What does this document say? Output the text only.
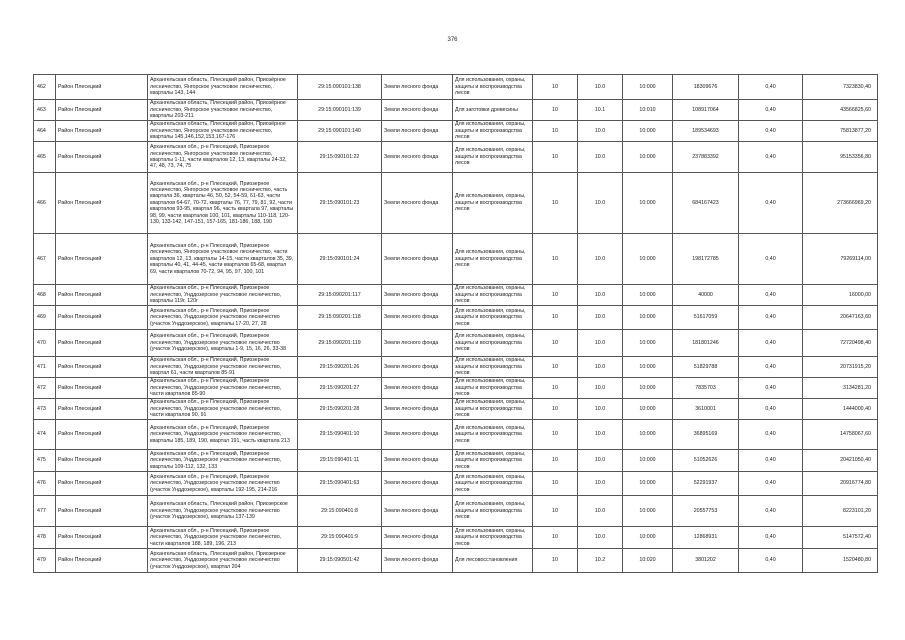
376
462	Район Плесецкий	Архангельская область, Плесецкий район, Приозёрное лесничество, Янгорское участковое лесничество, кварталы 143, 144	29:15:090101:138	Земли лесного фонда	Для использования, охраны, защиты и воспроизводства лесов	10	10.0	10:000	18309676	0,40	7323830,40
463	Район Плесецкий	Архангельская область, Плесецкий район, Приозёрное лесничество, Янгорское участковое лесничество, кварталы 203-211	29:15:090101:139	Земли лесного фонда	Для заготовки древесины	10	10.1	10:010	108917064	0,40	43566825,60
464	Район Плесецкий	Архангельская область, Плесецкий район, Приозёрное лесничество, Янгорское участковое лесничество, кварталы 145,146,152,153,167-176	29:15:090101:140	Земли лесного фонда	Для использования, охраны, защиты и воспроизводства лесов	10	10.0	10:000	189534693	0,40	75813877,20
465	Район Плесецкий	Архангельская обл., р-н Плесецкий, Приозерное лесничество, Янгорское участковое лесничество, кварталы 1-11, части кварталов 12, 13, кварталы 24-32, 47, 48, 73, 74, 75	29:15:090101:22	Земли лесного фонда	Для использования, охраны, защиты и воспроизводства лесов	10	10.0	10:000	237883392	0,40	95153356,80
466	Район Плесецкий	Архангельская обл., р-н Плесецкий, Приозерное лесничество, Янгорское участковое лесничество, часть квартала 36, кварталы 46, 50, 52, 54-59, 61-63, части кварталов 64-67, 70-72, кварталы 76, 77, 79, 81, 92, части кварталов 93-95, квартал 96, часть квартала 97, кварталы 98, 99, части кварталов 100, 101, кварталы 110-118, 120-130, 133-142, 147-151, 157-165, 181-186, 188, 190	29:15:090101:23	Земли лесного фонда	Для использования, охраны, защиты и воспроизводства лесов	10	10.0	10:000	684167423	0,40	273666969,20
467	Район Плесецкий	Архангельская обл., р-н Плесецкий, Приозерное лесничество, Янгорское участковое лесничество, части кварталов 12, 13, кварталы 14-15, части кварталов 35, 39, кварталы 40, 41, 44-45, части кварталов 65-68, квартал 69, части кварталов 70-72, 94, 95, 97, 100, 101	29:15:090101:24	Земли лесного фонда	Для использования, охраны, защиты и воспроизводства лесов	10	10.0	10:000	198172785	0,40	79269114,00
468	Район Плесецкий	Архангельская обл., р-н Плесецкий, Приозерное лесничество, Унддозерское участковое лесничество, кварталы 119г, 120г	29:15:090201:117	Земли лесного фонда	Для использования, охраны, защиты и воспроизводства лесов	10	10.0	10:000	40000	0,40	16000,00
469	Район Плесецкий	Архангельская обл., р-н Плесецкий, Приозерное лесничество, Унддозерское участковое лесничество (участок Унддозерское), кварталы 17-20, 27, 28	29:15:090201:118	Земли лесного фонда	Для использования, охраны, защиты и воспроизводства лесов	10	10.0	10:000	51617059	0,40	20647163,60
470	Район Плесецкий	Архангельская обл., р-н Плесецкий, Приозерное лесничество, Унддозерское участковое лесничество (участок Унддозерское), кварталы 1-9, 15, 16, 26, 33-38	29:15:090201:119	Земли лесного фонда	Для использования, охраны, защиты и воспроизводства лесов	10	10.0	10:000	181801246	0,40	72720498,40
471	Район Плесецкий	Архангельская обл., р-н Плесецкий, Приозерное лесничество, Унддозерское участковое лесничество, квартал 61, части кварталов 85-91	29:15:090201:26	Земли лесного фонда	Для использования, охраны, защиты и воспроизводства лесов	10	10.0	10:000	51829788	0,40	20731915,20
472	Район Плесецкий	Архангельская обл., р-н Плесецкий, Приозерное лесничество, Унддозерское участковое лесничество, части кварталов 85-90	29:15:090201:27	Земли лесного фонда	Для использования, охраны, защиты и воспроизводства лесов	10	10.0	10:000	7835703	0,40	3134281,20
473	Район Плесецкий	Архангельская обл., р-н Плесецкий, Приозерное лесничество, Унддозерское участковое лесничество, части кварталов 90, 91	29:15:090201:28	Земли лесного фонда	Для использования, охраны, защиты и воспроизводства лесов	10	10.0	10:000	3610001	0,40	1444000,40
474	Район Плесецкий	Архангельская обл., р-н Плесецкий, Приозерное лесничество, Унддозерское участковое лесничество, кварталы 185, 189, 190, квартал 191, часть квартала 213	29:15:090401:10	Земли лесного фонда	Для использования, охраны, защиты и воспроизводства лесов	10	10.0	10:000	36895169	0,40	14758067,60
475	Район Плесецкий	Архангельская обл., р-н Плесецкий, Приозерное лесничество, Унддозерское участковое лесничество, кварталы 109-112, 132, 133	29:15:090401:11	Земли лесного фонда	Для использования, охраны, защиты и воспроизводства лесов	10	10.0	10:000	51052626	0,40	20421050,40
476	Район Плесецкий	Архангельская обл., р-н Плесецкий, Приозерное лесничество, Унддозерское участковое лесничество (участок Унддозерское), кварталы 192-195, 214-216	29:15:090401:63	Земли лесного фонда	Для использования, охраны, защиты и воспроизводства лесов	10	10.0	10:000	52291937	0,40	20916774,80
477	Район Плесецкий	Архангельская область, Плесецкий район, Приозерское лесничество, Унддозерское участковое лесничество (участок Унддозерское), кварталы 137-139	29:15:090401:8	Земли лесного фонда	Для использования, охраны, защиты и воспроизводства лесов	10	10.0	10:000	20557753	0,40	8223101,20
478	Район Плесецкий	Архангельская обл., р-н Плесецкий, Приозерное лесничество, Унддозерское участковое лесничество, части кварталов 188, 189, 196, 213	29:15:090401:9	Земли лесного фонда	Для использования, охраны, защиты и воспроизводства лесов	10	10.0	10:000	12868931	0,40	5147572,40
479	Район Плесецкий	Архангельская область, Плесецкий район, Приозерное лесничество, Унддозерское участковое лесничество (участок Унддозерское), квартал 204	29:15:090501:42	Земли лесного фонда	Для лесовосстановления	10	10.2	10:020	3801202	0,40	1520480,80
